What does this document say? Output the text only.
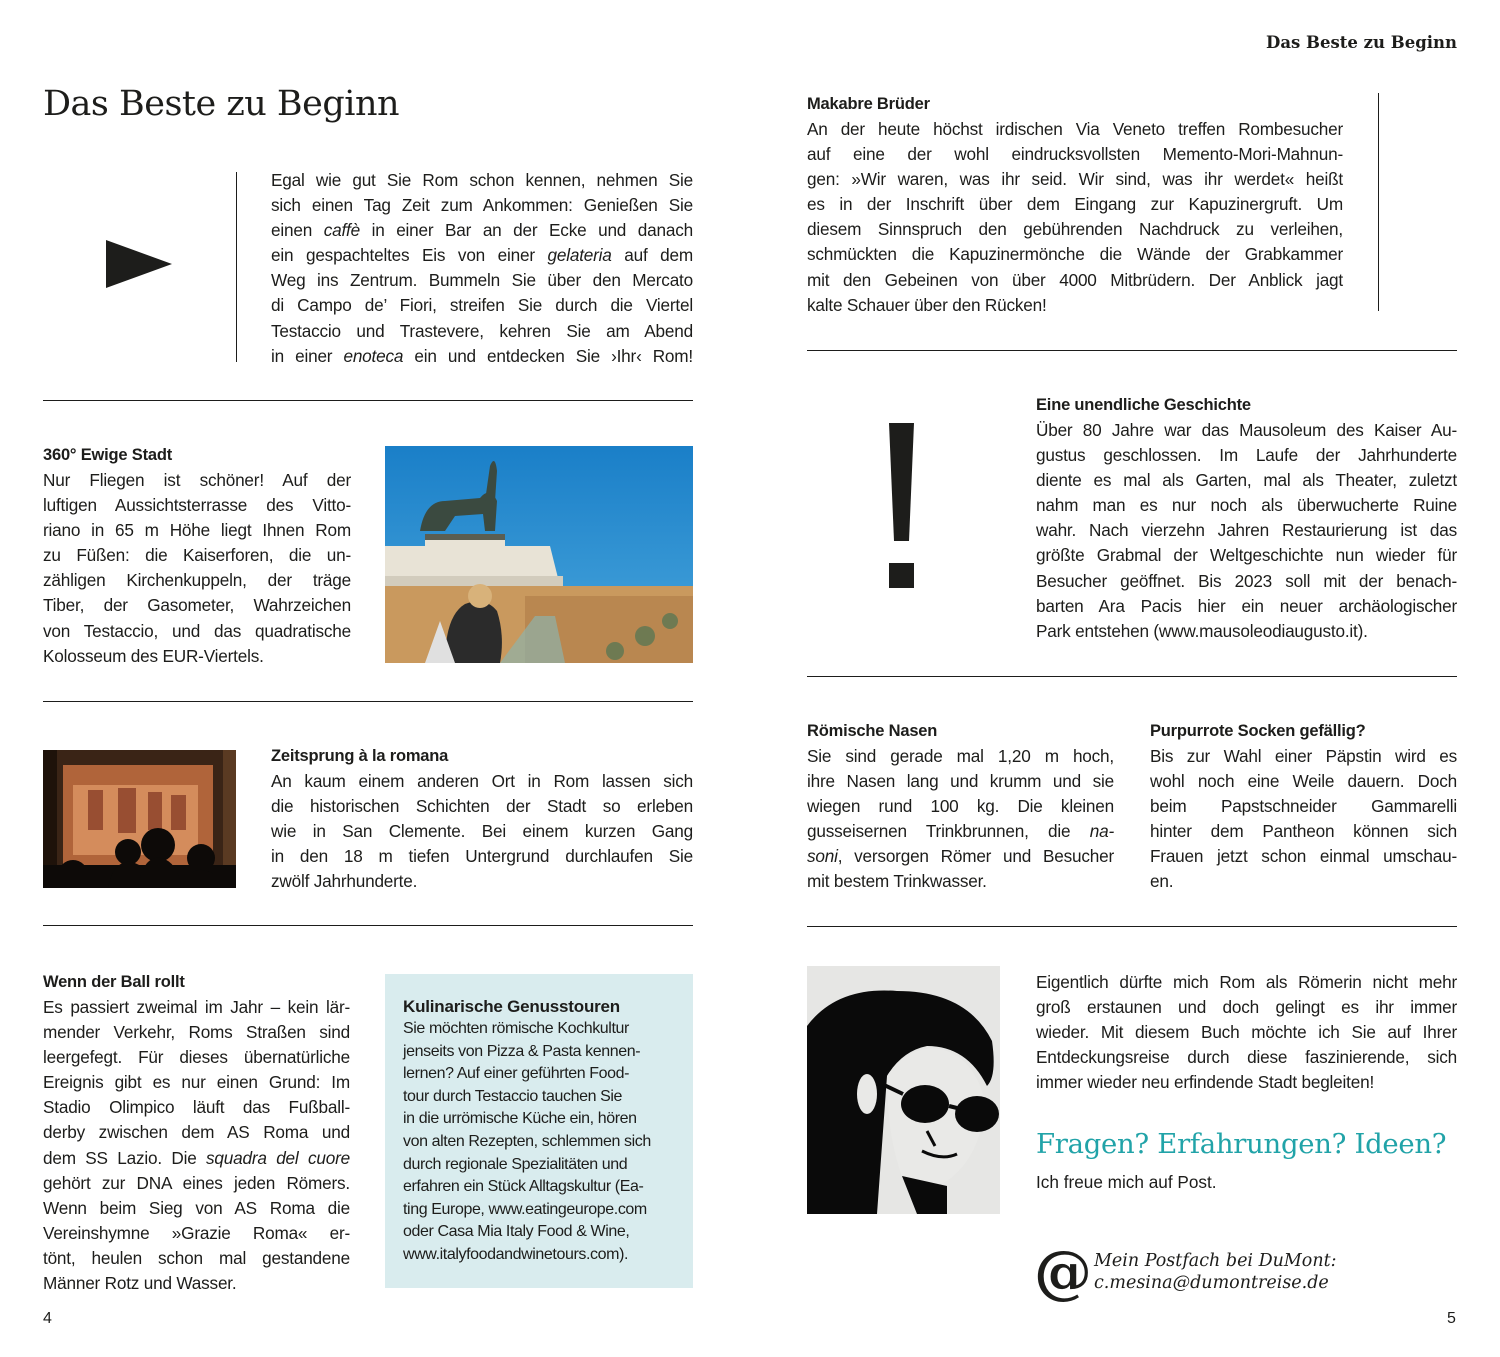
Das Beste zu Beginn
Das Beste zu Beginn
Egal wie gut Sie Rom schon kennen, nehmen Sie
sich einen Tag Zeit zum Ankommen: Genießen Sie
einen caffè in einer Bar an der Ecke und danach
ein gespachteltes Eis von einer gelateria auf dem
Weg ins Zentrum. Bummeln Sie über den Mercato
di Campo de’ Fiori, streifen Sie durch die Viertel
Testaccio und Trastevere, kehren Sie am Abend
in einer enoteca ein und entdecken Sie ›Ihr‹ Rom!
Makabre Brüder
An der heute höchst irdischen Via Veneto treffen Rombesucher
auf eine der wohl eindrucksvollsten Memento-Mori-Mahnun-
gen: »Wir waren, was ihr seid. Wir sind, was ihr werdet« heißt
es in der Inschrift über dem Eingang zur Kapuzinergruft. Um
diesem Sinnspruch den gebührenden Nachdruck zu verleihen,
schmückten die Kapuzinermönche die Wände der Grabkammer
mit den Gebeinen von über 4000 Mitbrüdern. Der Anblick jagt
kalte Schauer über den Rücken!
360° Ewige Stadt
Nur Fliegen ist schöner! Auf der
luftigen Aussichtsterrasse des Vitto-
riano in 65 m Höhe liegt Ihnen Rom
zu Füßen: die Kaiserforen, die un-
zähligen Kirchenkuppeln, der träge
Tiber, der Gasometer, Wahrzeichen
von Testaccio, und das quadratische
Kolosseum des EUR-Viertels.
Zeitsprung à la romana
An kaum einem anderen Ort in Rom lassen sich
die historischen Schichten der Stadt so erleben
wie in San Clemente. Bei einem kurzen Gang
in den 18 m tiefen Untergrund durchlaufen Sie
zwölf Jahrhunderte.
Eine unendliche Geschichte
Über 80 Jahre war das Mausoleum des Kaiser Au-
gustus geschlossen. Im Laufe der Jahrhunderte
diente es mal als Garten, mal als Theater, zuletzt
nahm man es nur noch als überwucherte Ruine
wahr. Nach vierzehn Jahren Restaurierung ist das
größte Grabmal der Weltgeschichte nun wieder für
Besucher geöffnet. Bis 2023 soll mit der benach-
barten Ara Pacis hier ein neuer archäologischer
Park entstehen (www.mausoleodiaugusto.it).
Römische Nasen
Sie sind gerade mal 1,20 m hoch,
ihre Nasen lang und krumm und sie
wiegen rund 100 kg. Die kleinen
gusseisernen Trinkbrunnen, die na-
soni, versorgen Römer und Besucher
mit bestem Trinkwasser.
Purpurrote Socken gefällig?
Bis zur Wahl einer Päpstin wird es
wohl noch eine Weile dauern. Doch
beim Papstschneider Gammarelli
hinter dem Pantheon können sich
Frauen jetzt schon einmal umschau-
en.
Wenn der Ball rollt
Es passiert zweimal im Jahr – kein lär-
mender Verkehr, Roms Straßen sind
leergefegt. Für dieses übernatürliche
Ereignis gibt es nur einen Grund: Im
Stadio Olimpico läuft das Fußball-
derby zwischen dem AS Roma und
dem SS Lazio. Die squadra del cuore
gehört zur DNA eines jeden Römers.
Wenn beim Sieg von AS Roma die
Vereinshymne »Grazie Roma« er-
tönt, heulen schon mal gestandene
Männer Rotz und Wasser.
Kulinarische Genusstouren
Sie möchten römische Kochkultur
jenseits von Pizza & Pasta kennen-
lernen? Auf einer geführten Food-
tour durch Testaccio tauchen Sie
in die urrömische Küche ein, hören
von alten Rezepten, schlemmen sich
durch regionale Spezialitäten und
erfahren ein Stück Alltagskultur (Ea-
ting Europe, www.eatingeurope.com
oder Casa Mia Italy Food & Wine,
www.italyfoodandwinetours.com).
Eigentlich dürfte mich Rom als Römerin nicht mehr
groß erstaunen und doch gelingt es ihr immer
wieder. Mit diesem Buch möchte ich Sie auf Ihrer
Entdeckungsreise durch diese faszinierende, sich
immer wieder neu erfindende Stadt begleiten!
Fragen? Erfahrungen? Ideen?
Ich freue mich auf Post.
@ Mein Postfach bei DuMont:
c.mesina@dumontreise.de
4	5
